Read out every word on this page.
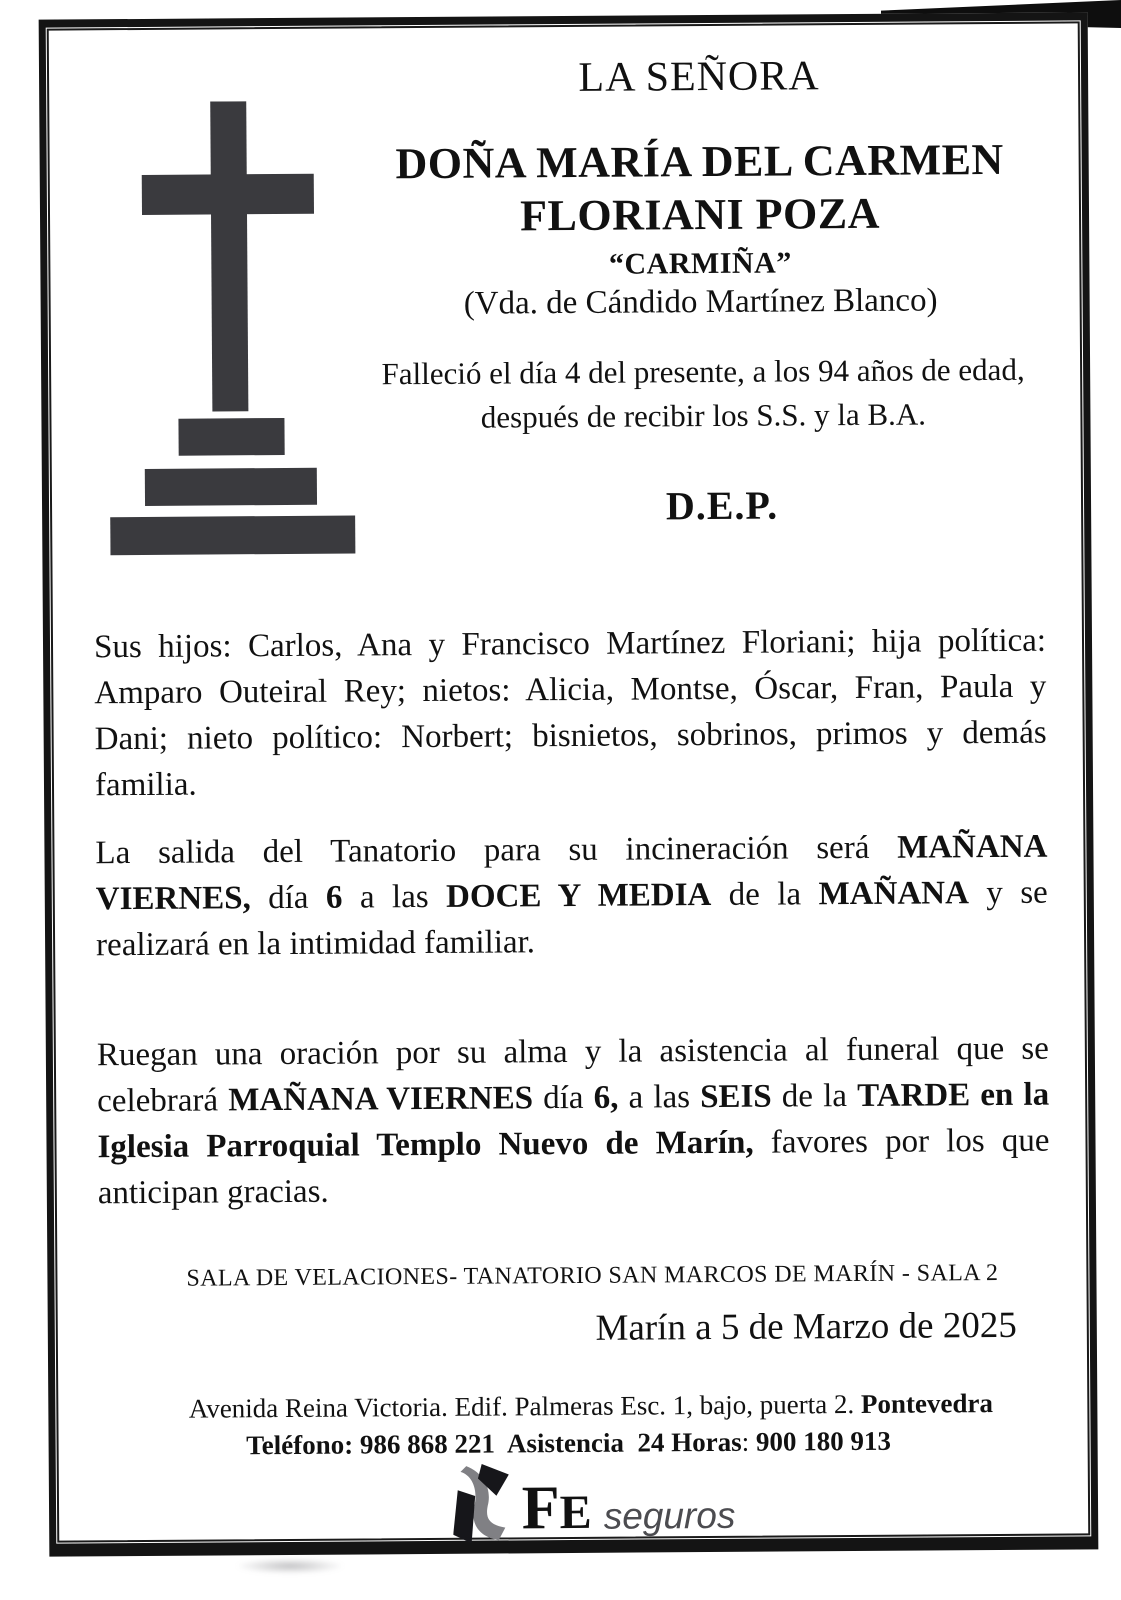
LA SEÑORA
DOÑA MARÍA DEL CARMEN
FLORIANI POZA
“CARMIÑA”
(Vda. de Cándido Martínez Blanco)
Falleció el día 4 del presente, a los 94 años de edad, después de recibir los S.S. y la B.A.
D.E.P.
Sus hijos: Carlos, Ana y Francisco Martínez Floriani; hija política: Amparo Outeiral Rey; nietos: Alicia, Montse, Óscar, Fran, Paula y Dani; nieto político: Norbert; bisnietos, sobrinos, primos y demás familia.
La salida del Tanatorio para su incineración será MAÑANA VIERNES, día 6 a las DOCE Y MEDIA de la MAÑANA y se realizará en la intimidad familiar.
Ruegan una oración por su alma y la asistencia al funeral que se celebrará MAÑANA VIERNES día 6, a las SEIS de la TARDE en la Iglesia Parroquial Templo Nuevo de Marín, favores por los que anticipan gracias.
SALA DE VELACIONES- TANATORIO SAN MARCOS DE MARÍN - SALA 2
Marín a 5 de Marzo de 2025
Avenida Reina Victoria. Edif. Palmeras Esc. 1, bajo, puerta 2. Pontevedra
Teléfono: 986 868 221  Asistencia  24 Horas: 900 180 913
FE seguros
